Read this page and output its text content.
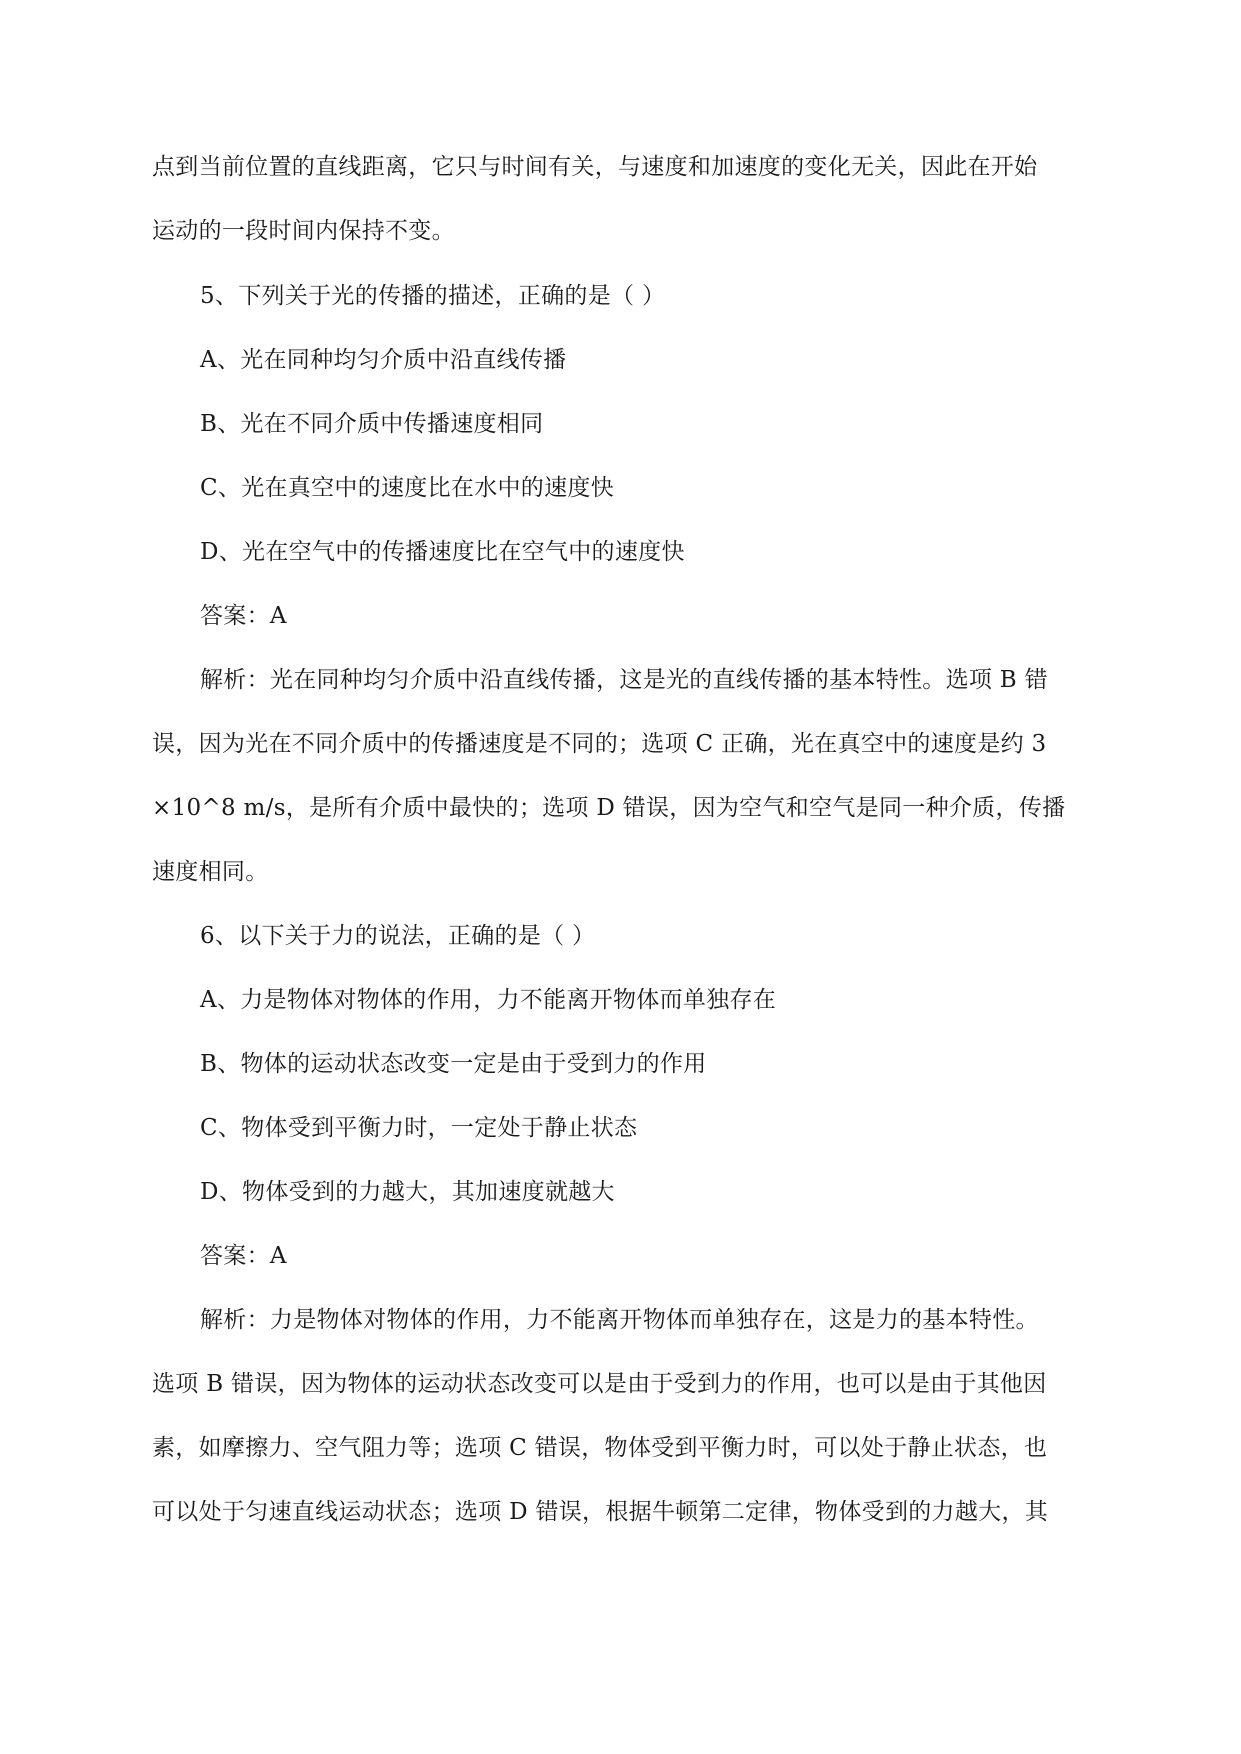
点到当前位置的直线距离，它只与时间有关，与速度和加速度的变化无关，因此在开始
运动的一段时间内保持不变。
5、下列关于光的传播的描述，正确的是（ ）
A、光在同种均匀介质中沿直线传播
B、光在不同介质中传播速度相同
C、光在真空中的速度比在水中的速度快
D、光在空气中的传播速度比在空气中的速度快
答案：A
解析：光在同种均匀介质中沿直线传播，这是光的直线传播的基本特性。选项 B 错
误，因为光在不同介质中的传播速度是不同的；选项 C 正确，光在真空中的速度是约 3
×10^8 m/s，是所有介质中最快的；选项 D 错误，因为空气和空气是同一种介质，传播
速度相同。
6、以下关于力的说法，正确的是（ ）
A、力是物体对物体的作用，力不能离开物体而单独存在
B、物体的运动状态改变一定是由于受到力的作用
C、物体受到平衡力时，一定处于静止状态
D、物体受到的力越大，其加速度就越大
答案：A
解析：力是物体对物体的作用，力不能离开物体而单独存在，这是力的基本特性。
选项 B 错误，因为物体的运动状态改变可以是由于受到力的作用，也可以是由于其他因
素，如摩擦力、空气阻力等；选项 C 错误，物体受到平衡力时，可以处于静止状态，也
可以处于匀速直线运动状态；选项 D 错误，根据牛顿第二定律，物体受到的力越大，其
